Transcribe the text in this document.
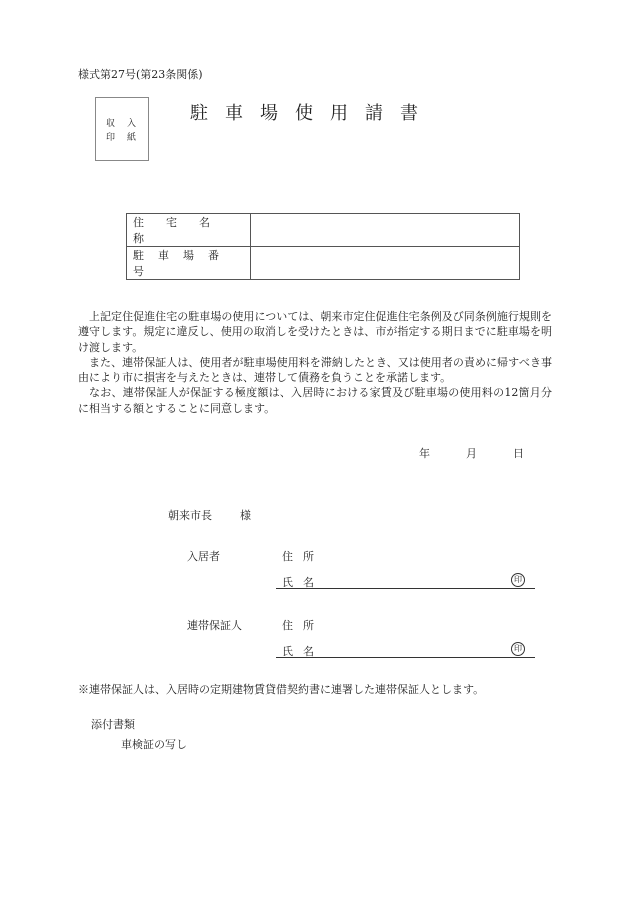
様式第27号(第23条関係)
収入
印紙
駐車場使用請書
住宅名称	
駐車場番号	

上記定住促進住宅の駐車場の使用については、朝来市定住促進住宅条例及び同条例施行規則を遵守します。規定に違反し、使用の取消しを受けたときは、市が指定する期日までに駐車場を明け渡します。

また、連帯保証人は、使用者が駐車場使用料を滞納したとき、又は使用者の責めに帰すべき事由により市に損害を与えたときは、連帯して債務を負うことを承諾します。

なお、連帯保証人が保証する極度額は、入居時における家賃及び駐車場の使用料の12箇月分に相当する額とすることに同意します。

年	月	日
朝来市長	様
入居者	住所
氏名	印
連帯保証人	住所
氏名	印
※連帯保証人は、入居時の定期建物賃貸借契約書に連署した連帯保証人とします。
添付書類
車検証の写し
